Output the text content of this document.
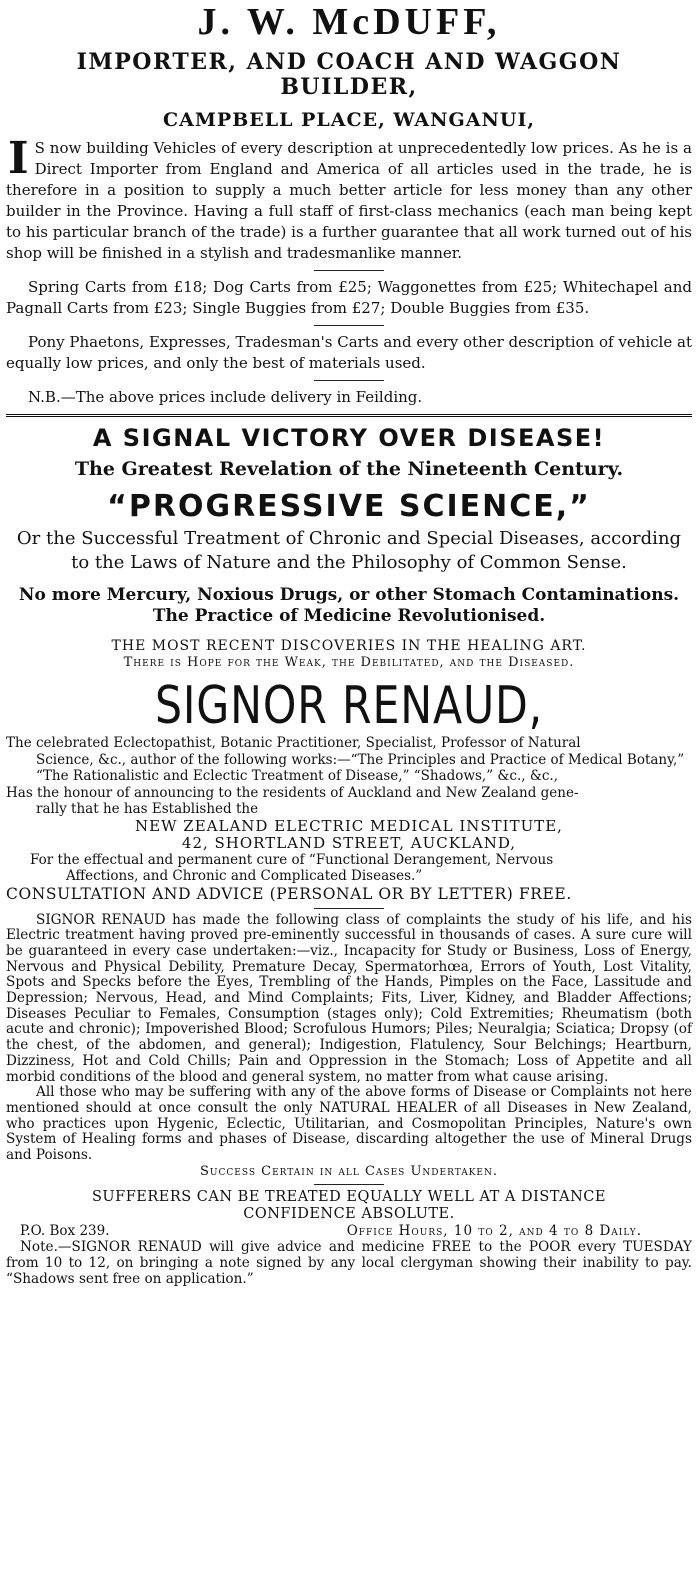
J. W. McDUFF,
IMPORTER, AND COACH AND WAGGON BUILDER,
CAMPBELL PLACE, WANGANUI,
I S now building Vehicles of every description at unprecedentedly low prices. As he is a Direct Importer from England and America of all articles used in the trade, he is therefore in a position to supply a much better article for less money than any other builder in the Province. Having a full staff of first-class mechanics (each man being kept to his particular branch of the trade) is a further guarantee that all work turned out of his shop will be finished in a stylish and tradesmanlike manner.

Spring Carts from £18; Dog Carts from £25; Waggonettes from £25; Whitechapel and Pagnall Carts from £23; Single Buggies from £27; Double Buggies from £35.

Pony Phaetons, Expresses, Tradesman's Carts and every other description of vehicle at equally low prices, and only the best of materials used.

N.B.—The above prices include delivery in Feilding.

A SIGNAL VICTORY OVER DISEASE!
The Greatest Revelation of the Nineteenth Century.
“PROGRESSIVE SCIENCE,”
Or the Successful Treatment of Chronic and Special Diseases, according to the Laws of Nature and the Philosophy of Common Sense.
No more Mercury, Noxious Drugs, or other Stomach Contaminations.
The Practice of Medicine Revolutionised.
THE MOST RECENT DISCOVERIES IN THE HEALING ART.
There is Hope for the Weak, the Debilitated, and the Diseased.
SIGNOR RENAUD,

The celebrated Eclectopathist, Botanic Practitioner, Specialist, Professor of Natural

Science, &c., author of the following works:—“The Principles and Practice of Medical Botany,” “The Rationalistic and Eclectic Treatment of Disease,” “Shadows,” &c., &c.,

Has the honour of announcing to the residents of Auckland and New Zealand gene-

rally that he has Established the

NEW ZEALAND ELECTRIC MEDICAL INSTITUTE,
42, SHORTLAND STREET, AUCKLAND,

For the effectual and permanent cure of “Functional Derangement, Nervous

Affections, and Chronic and Complicated Diseases.”

CONSULTATION AND ADVICE (PERSONAL OR BY LETTER) FREE.

SIGNOR RENAUD has made the following class of complaints the study of his life, and his Electric treatment having proved pre-eminently successful in thousands of cases. A sure cure will be guaranteed in every case undertaken:—viz., Incapacity for Study or Business, Loss of Energy, Nervous and Physical Debility, Premature Decay, Spermatorhœa, Errors of Youth, Lost Vitality, Spots and Specks before the Eyes, Trembling of the Hands, Pimples on the Face, Lassitude and Depression; Nervous, Head, and Mind Complaints; Fits, Liver, Kidney, and Bladder Affections; Diseases Peculiar to Females, Consumption (stages only); Cold Extremities; Rheumatism (both acute and chronic); Impoverished Blood; Scrofulous Humors; Piles; Neuralgia; Sciatica; Dropsy (of the chest, of the abdomen, and general); Indigestion, Flatulency, Sour Belchings; Heartburn, Dizziness, Hot and Cold Chills; Pain and Oppression in the Stomach; Loss of Appetite and all morbid conditions of the blood and general system, no matter from what cause arising.

All those who may be suffering with any of the above forms of Disease or Complaints not here mentioned should at once consult the only NATURAL HEALER of all Diseases in New Zealand, who practices upon Hygenic, Eclectic, Utilitarian, and Cosmopolitan Principles, Nature's own System of Healing forms and phases of Disease, discarding altogether the use of Mineral Drugs and Poisons.

Success Certain in all Cases Undertaken.
SUFFERERS CAN BE TREATED EQUALLY WELL AT A DISTANCE
CONFIDENCE ABSOLUTE.
P.O. Box 239.	Office Hours, 10 to 2, and 4 to 8 Daily.

Note.—SIGNOR RENAUD will give advice and medicine FREE to the POOR every TUESDAY from 10 to 12, on bringing a note signed by any local clergyman showing their inability to pay. “Shadows sent free on application.”
